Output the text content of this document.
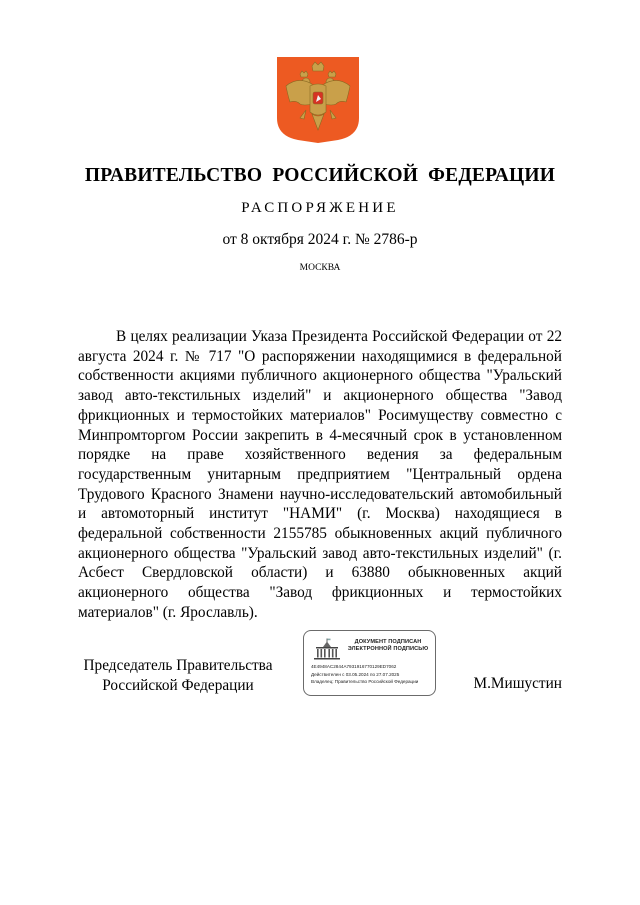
ПРАВИТЕЛЬСТВО РОССИЙСКОЙ ФЕДЕРАЦИИ
РАСПОРЯЖЕНИЕ
от 8 октября 2024 г. № 2786-р
МОСКВА

В целях реализации Указа Президента Российской Федерации от 22 августа 2024 г. № 717 "О распоряжении находящимися в федеральной собственности акциями публичного акционерного общества "Уральский завод авто-текстильных изделий" и акционерного общества "Завод фрикционных и термостойких материалов" Росимуществу совместно с Минпромторгом России закрепить в 4-месячный срок в установленном порядке на праве хозяйственного ведения за федеральным государственным унитарным предприятием "Центральный ордена Трудового Красного Знамени научно-исследовательский автомобильный и автомоторный институт "НАМИ" (г. Москва) находящиеся в федеральной собственности 2155785 обыкновенных акций публичного акционерного общества "Уральский завод авто-текстильных изделий" (г. Асбест Свердловской области) и 63880 обыкновенных акций акционерного общества "Завод фрикционных и термостойких материалов" (г. Ярославль).

Председатель Правительства
Российской Федерации	М.Мишустин
ДОКУМЕНТ ПОДПИСАН
ЭЛЕКТРОННОЙ ПОДПИСЬЮ
4E4948AC2844A7931916770129ED7062
Действителен с 03.05.2024 по 27.07.2025
Владелец: Правительство Российской Федерации
